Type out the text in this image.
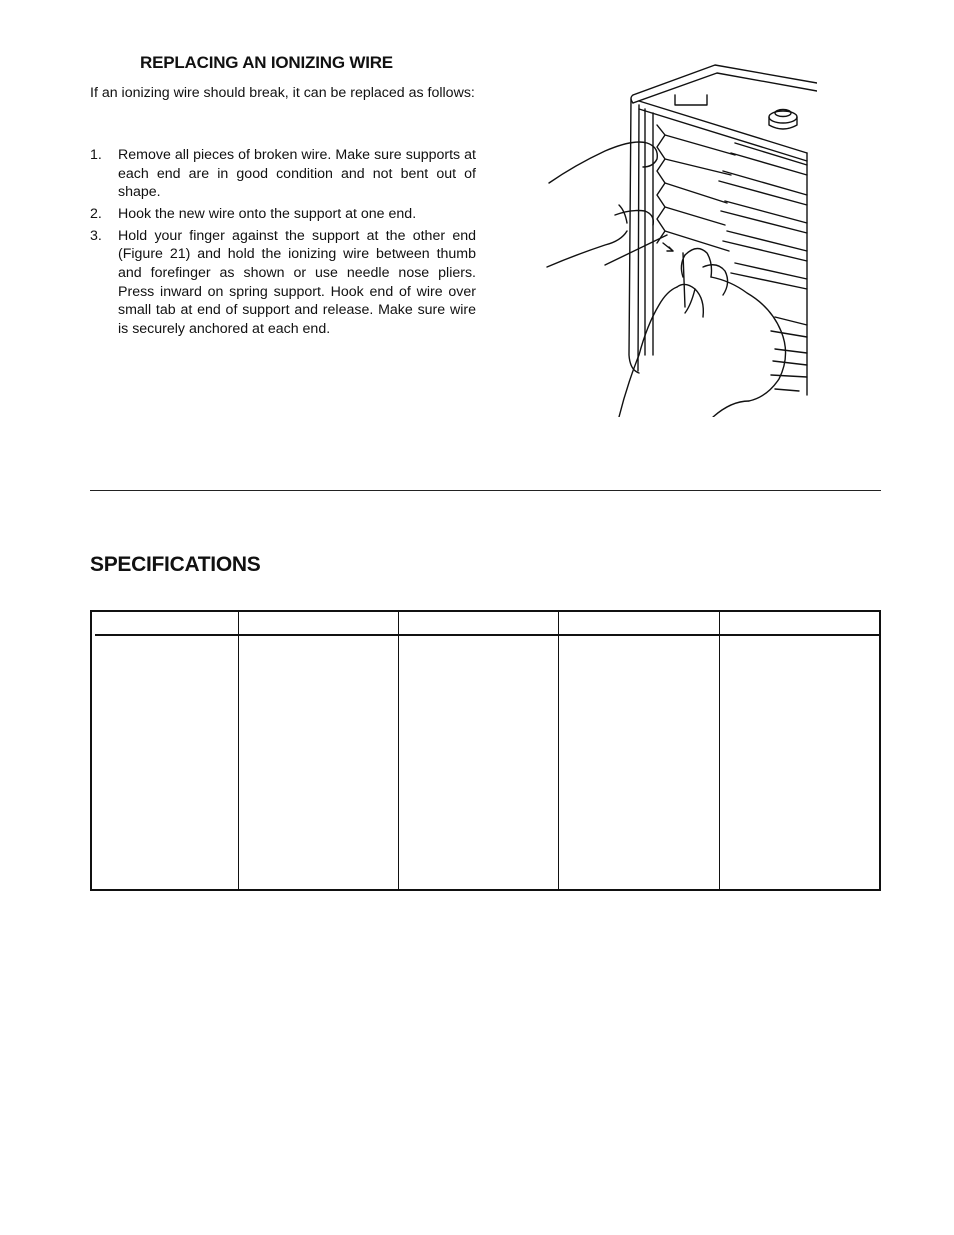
REPLACING AN IONIZING WIRE

If an ionizing wire should break, it can be replaced as follows:

1. Remove all pieces of broken wire. Make sure supports at each end are in good condition and not bent out of shape.
2. Hook the new wire onto the support at one end.
3. Hold your finger against the support at the other end (Figure 21) and hold the ionizing wire between thumb and forefinger as shown or use needle nose pliers. Press inward on spring support. Hook end of wire over small tab at end of support and release. Make sure wire is securely anchored at each end.
SPECIFICATIONS
